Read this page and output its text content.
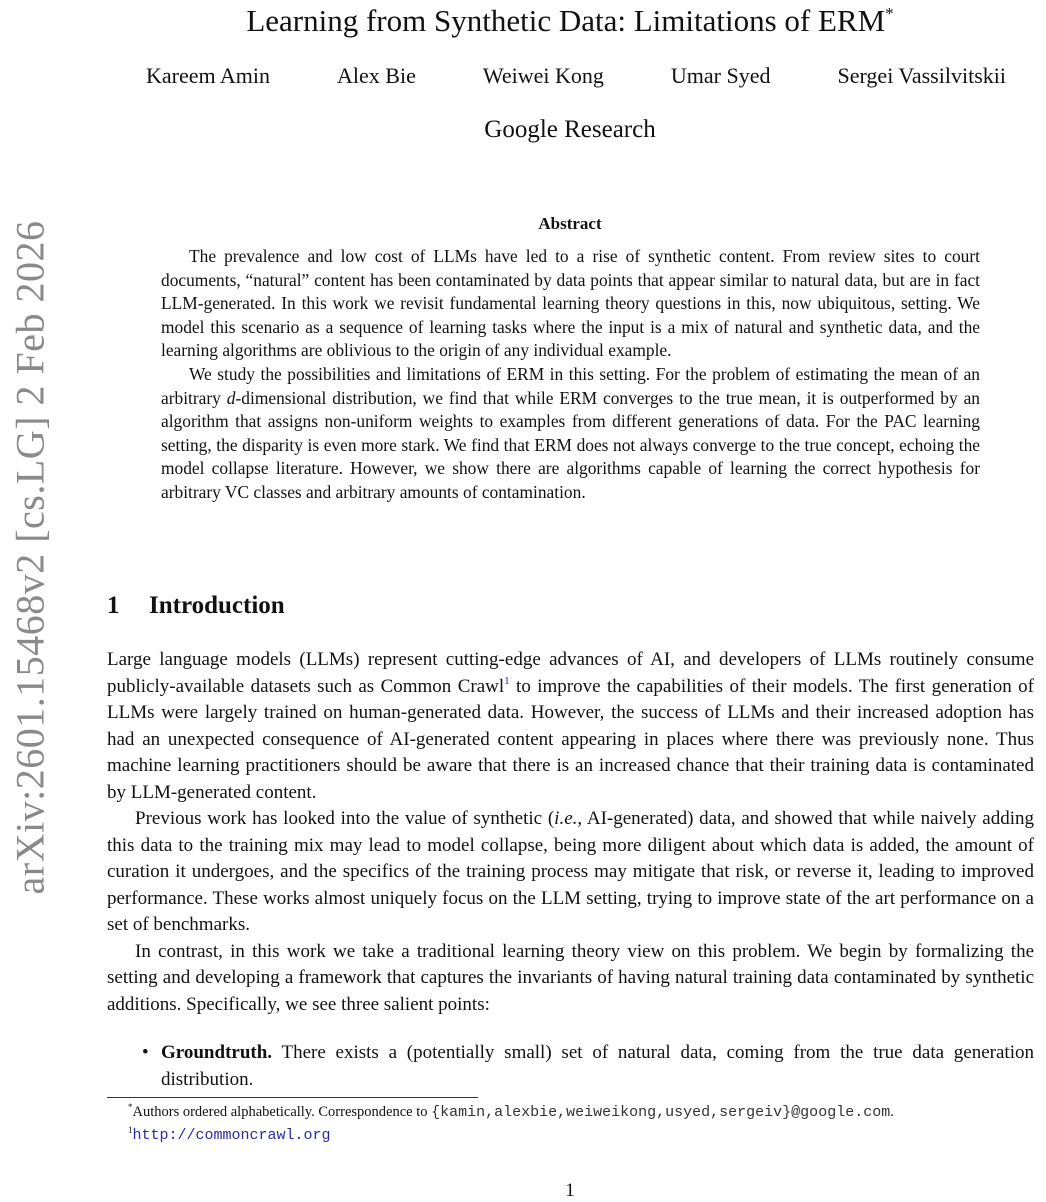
arXiv:2601.15468v2 [cs.LG] 2 Feb 2026
Learning from Synthetic Data: Limitations of ERM*
Kareem Amin	Alex Bie	Weiwei Kong	Umar Syed	Sergei Vassilvitskii
Google Research
Abstract

The prevalence and low cost of LLMs have led to a rise of synthetic content. From review sites to court documents, “natural” content has been contaminated by data points that appear similar to natural data, but are in fact LLM-generated. In this work we revisit fundamental learning theory questions in this, now ubiquitous, setting. We model this scenario as a sequence of learning tasks where the input is a mix of natural and synthetic data, and the learning algorithms are oblivious to the origin of any individual example.

We study the possibilities and limitations of ERM in this setting. For the problem of estimating the mean of an arbitrary d-dimensional distribution, we find that while ERM converges to the true mean, it is outperformed by an algorithm that assigns non-uniform weights to examples from different generations of data. For the PAC learning setting, the disparity is even more stark. We find that ERM does not always converge to the true concept, echoing the model collapse literature. However, we show there are algorithms capable of learning the correct hypothesis for arbitrary VC classes and arbitrary amounts of contamination.

1 Introduction

Large language models (LLMs) represent cutting-edge advances of AI, and developers of LLMs routinely consume publicly-available datasets such as Common Crawl$^1$ to improve the capabilities of their models. The first generation of LLMs were largely trained on human-generated data. However, the success of LLMs and their increased adoption has had an unexpected consequence of AI-generated content appearing in places where there was previously none. Thus machine learning practitioners should be aware that there is an increased chance that their training data is contaminated by LLM-generated content.

Previous work has looked into the value of synthetic (i.e., AI-generated) data, and showed that while naively adding this data to the training mix may lead to model collapse, being more diligent about which data is added, the amount of curation it undergoes, and the specifics of the training process may mitigate that risk, or reverse it, leading to improved performance. These works almost uniquely focus on the LLM setting, trying to improve state of the art performance on a set of benchmarks.

In contrast, in this work we take a traditional learning theory view on this problem. We begin by formalizing the setting and developing a framework that captures the invariants of having natural training data contaminated by synthetic additions. Specifically, we see three salient points:

• Groundtruth. There exists a (potentially small) set of natural data, coming from the true data generation distribution.
*Authors ordered alphabetically. Correspondence to {kamin,alexbie,weiweikong,usyed,sergeiv}@google.com.
$^1$http://commoncrawl.org
1
